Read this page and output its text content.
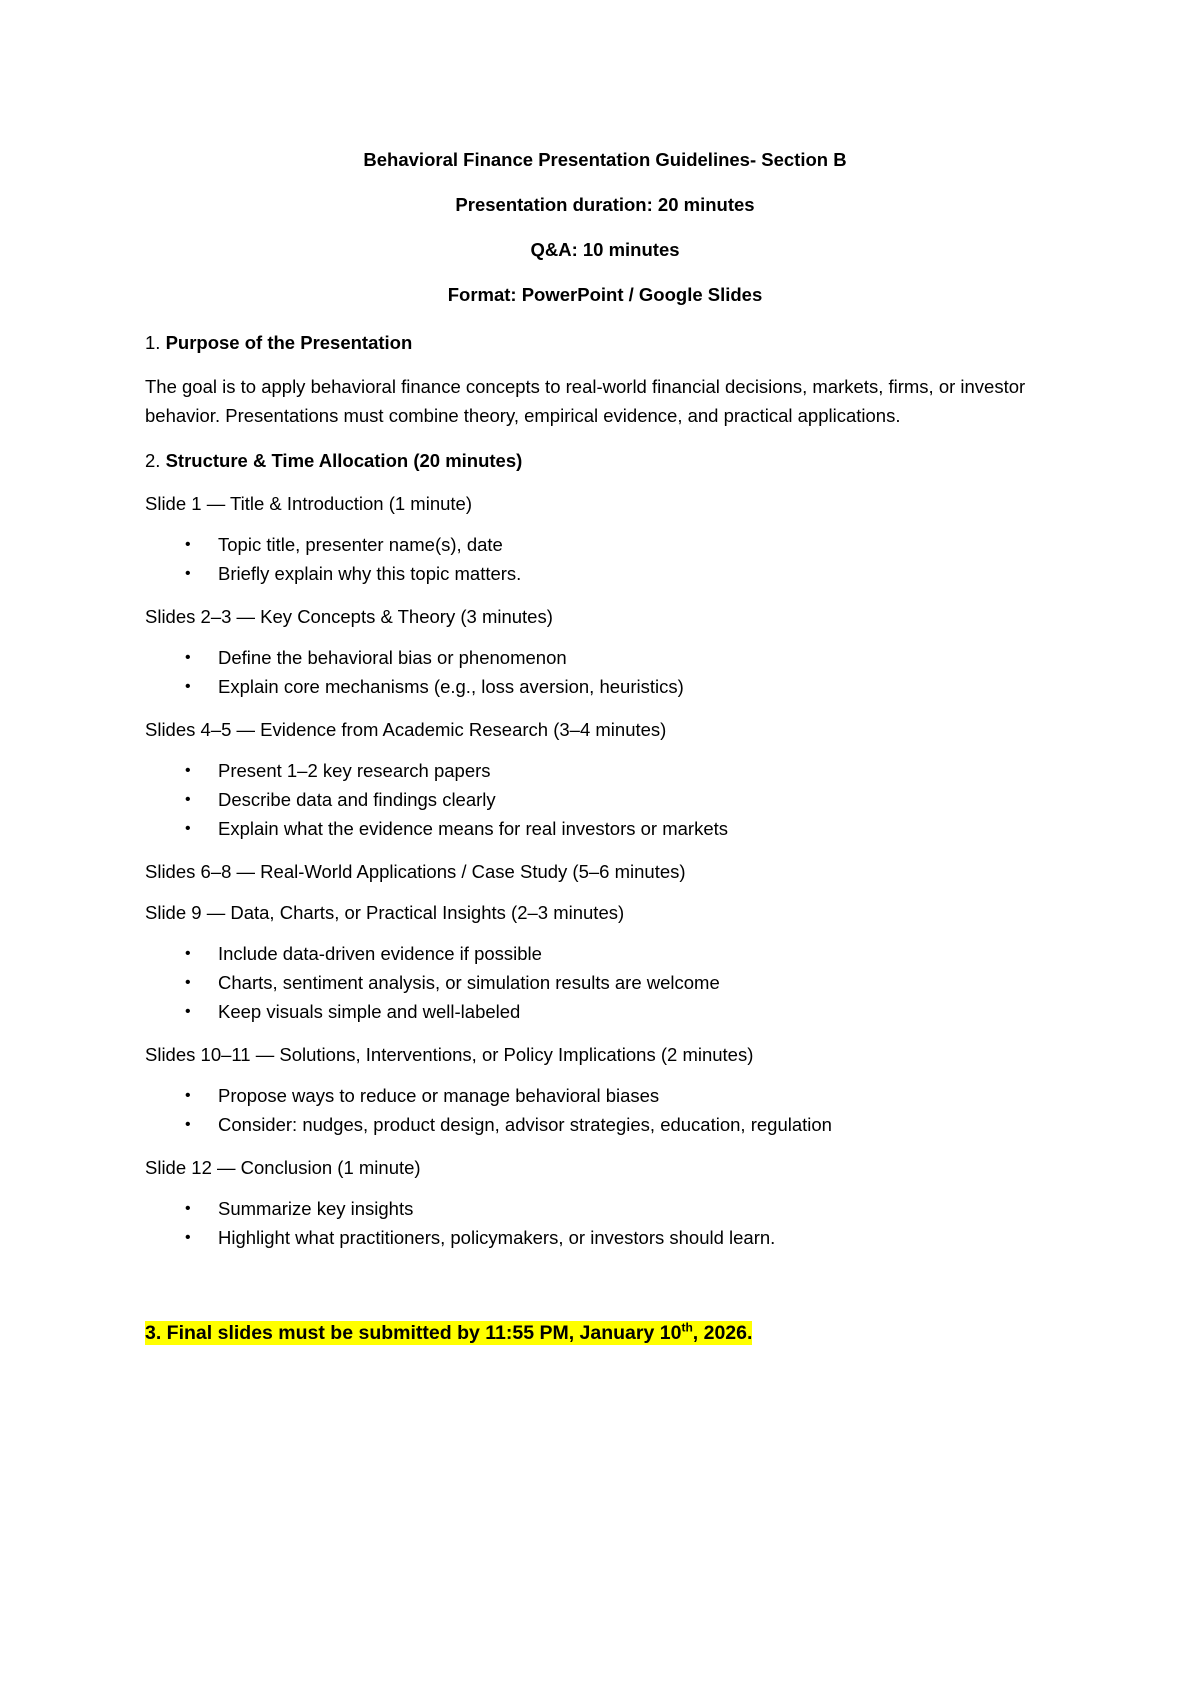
Behavioral Finance Presentation Guidelines- Section B

Presentation duration: 20 minutes

Q&A: 10 minutes

Format: PowerPoint / Google Slides

1. Purpose of the Presentation

The goal is to apply behavioral finance concepts to real-world financial decisions, markets, firms, or investor behavior. Presentations must combine theory, empirical evidence, and practical applications.

2. Structure & Time Allocation (20 minutes)

Slide 1 — Title & Introduction (1 minute)

• Topic title, presenter name(s), date
• Briefly explain why this topic matters.

Slides 2–3 — Key Concepts & Theory (3 minutes)

• Define the behavioral bias or phenomenon
• Explain core mechanisms (e.g., loss aversion, heuristics)

Slides 4–5 — Evidence from Academic Research (3–4 minutes)

• Present 1–2 key research papers
• Describe data and findings clearly
• Explain what the evidence means for real investors or markets

Slides 6–8 — Real-World Applications / Case Study (5–6 minutes)

Slide 9 — Data, Charts, or Practical Insights (2–3 minutes)

• Include data-driven evidence if possible
• Charts, sentiment analysis, or simulation results are welcome
• Keep visuals simple and well-labeled

Slides 10–11 — Solutions, Interventions, or Policy Implications (2 minutes)

• Propose ways to reduce or manage behavioral biases
• Consider: nudges, product design, advisor strategies, education, regulation

Slide 12 — Conclusion (1 minute)

• Summarize key insights
• Highlight what practitioners, policymakers, or investors should learn.

3. Final slides must be submitted by 11:55 PM, January 10th, 2026.
